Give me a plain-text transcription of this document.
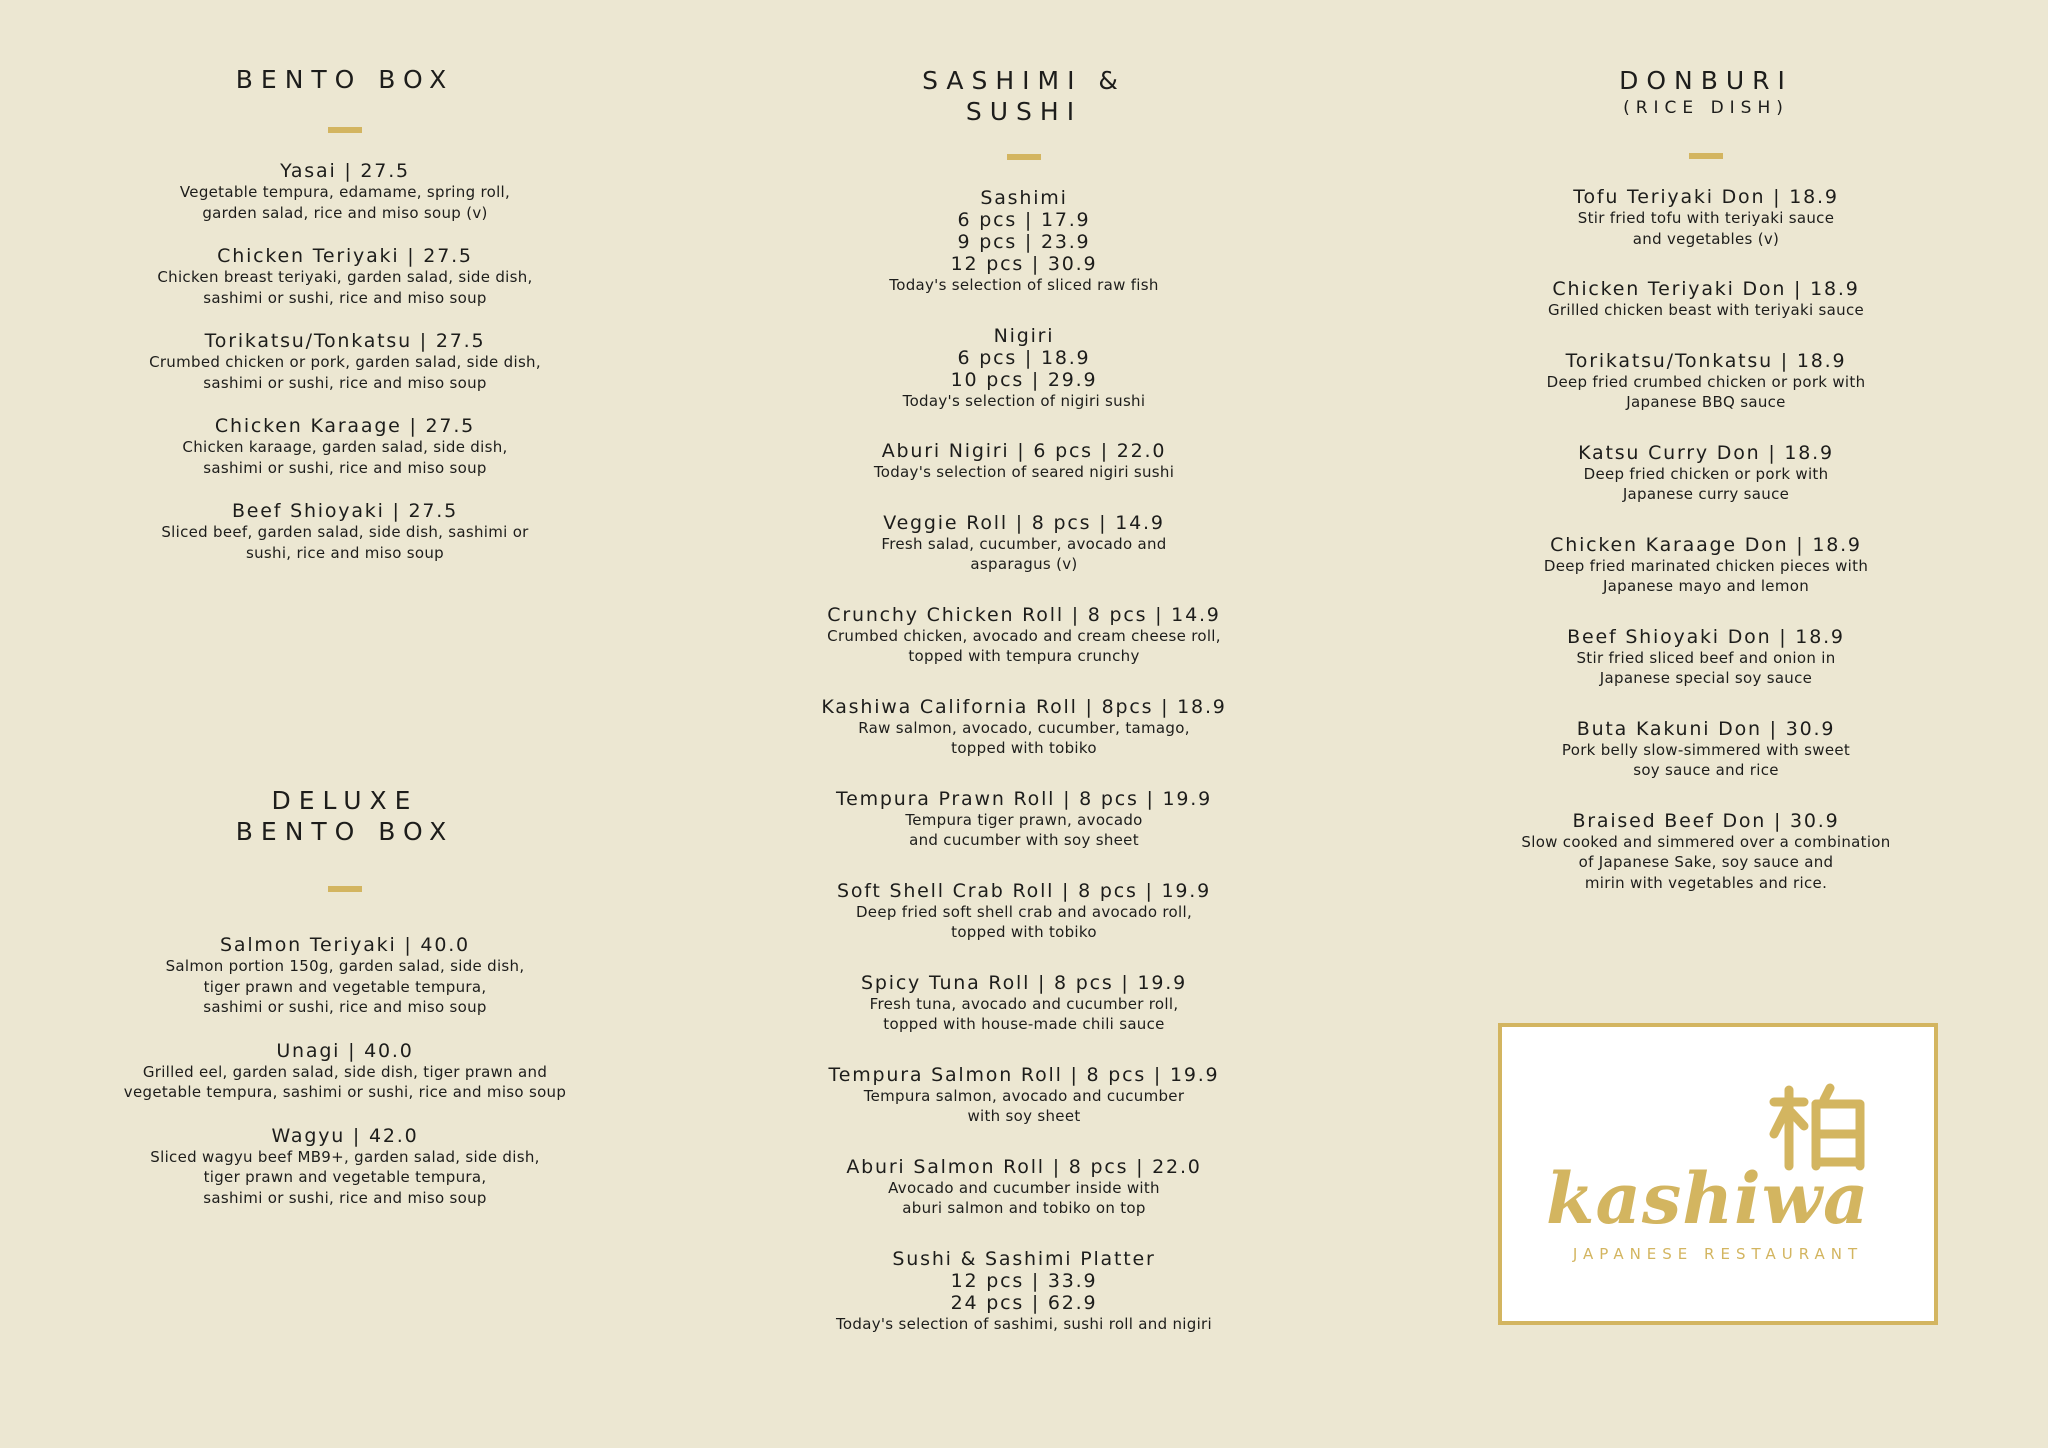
BENTO BOX
Yasai | 27.5
Vegetable tempura, edamame, spring roll,
garden salad, rice and miso soup (v)
Chicken Teriyaki | 27.5
Chicken breast teriyaki, garden salad, side dish,
sashimi or sushi, rice and miso soup
Torikatsu/Tonkatsu | 27.5
Crumbed chicken or pork, garden salad, side dish,
sashimi or sushi, rice and miso soup
Chicken Karaage | 27.5
Chicken karaage, garden salad, side dish,
sashimi or sushi, rice and miso soup
Beef Shioyaki | 27.5
Sliced beef, garden salad, side dish, sashimi or
sushi, rice and miso soup
DELUXE
BENTO BOX
Salmon Teriyaki | 40.0
Salmon portion 150g, garden salad, side dish,
tiger prawn and vegetable tempura,
sashimi or sushi, rice and miso soup
Unagi | 40.0
Grilled eel, garden salad, side dish, tiger prawn and
vegetable tempura, sashimi or sushi, rice and miso soup
Wagyu | 42.0
Sliced wagyu beef MB9+, garden salad, side dish,
tiger prawn and vegetable tempura,
sashimi or sushi, rice and miso soup
SASHIMI &
SUSHI
Sashimi
6 pcs | 17.9
9 pcs | 23.9
12 pcs | 30.9
Today's selection of sliced raw fish
Nigiri
6 pcs | 18.9
10 pcs | 29.9
Today's selection of nigiri sushi
Aburi Nigiri | 6 pcs | 22.0
Today's selection of seared nigiri sushi
Veggie Roll | 8 pcs | 14.9
Fresh salad, cucumber, avocado and
asparagus (v)
Crunchy Chicken Roll | 8 pcs | 14.9
Crumbed chicken, avocado and cream cheese roll,
topped with tempura crunchy
Kashiwa California Roll | 8pcs | 18.9
Raw salmon, avocado, cucumber, tamago,
topped with tobiko
Tempura Prawn Roll | 8 pcs | 19.9
Tempura tiger prawn, avocado
and cucumber with soy sheet
Soft Shell Crab Roll | 8 pcs | 19.9
Deep fried soft shell crab and avocado roll,
topped with tobiko
Spicy Tuna Roll | 8 pcs | 19.9
Fresh tuna, avocado and cucumber roll,
topped with house-made chili sauce
Tempura Salmon Roll | 8 pcs | 19.9
Tempura salmon, avocado and cucumber
with soy sheet
Aburi Salmon Roll | 8 pcs | 22.0
Avocado and cucumber inside with
aburi salmon and tobiko on top
Sushi & Sashimi Platter
12 pcs | 33.9
24 pcs | 62.9
Today's selection of sashimi, sushi roll and nigiri
DONBURI
(RICE DISH)
Tofu Teriyaki Don | 18.9
Stir fried tofu with teriyaki sauce
and vegetables (v)
Chicken Teriyaki Don | 18.9
Grilled chicken beast with teriyaki sauce
Torikatsu/Tonkatsu | 18.9
Deep fried crumbed chicken or pork with
Japanese BBQ sauce
Katsu Curry Don | 18.9
Deep fried chicken or pork with
Japanese curry sauce
Chicken Karaage Don | 18.9
Deep fried marinated chicken pieces with
Japanese mayo and lemon
Beef Shioyaki Don | 18.9
Stir fried sliced beef and onion in
Japanese special soy sauce
Buta Kakuni Don | 30.9
Pork belly slow-simmered with sweet
soy sauce and rice
Braised Beef Don | 30.9
Slow cooked and simmered over a combination
of Japanese Sake, soy sauce and
mirin with vegetables and rice.
kashiwa
JAPANESE RESTAURANT
